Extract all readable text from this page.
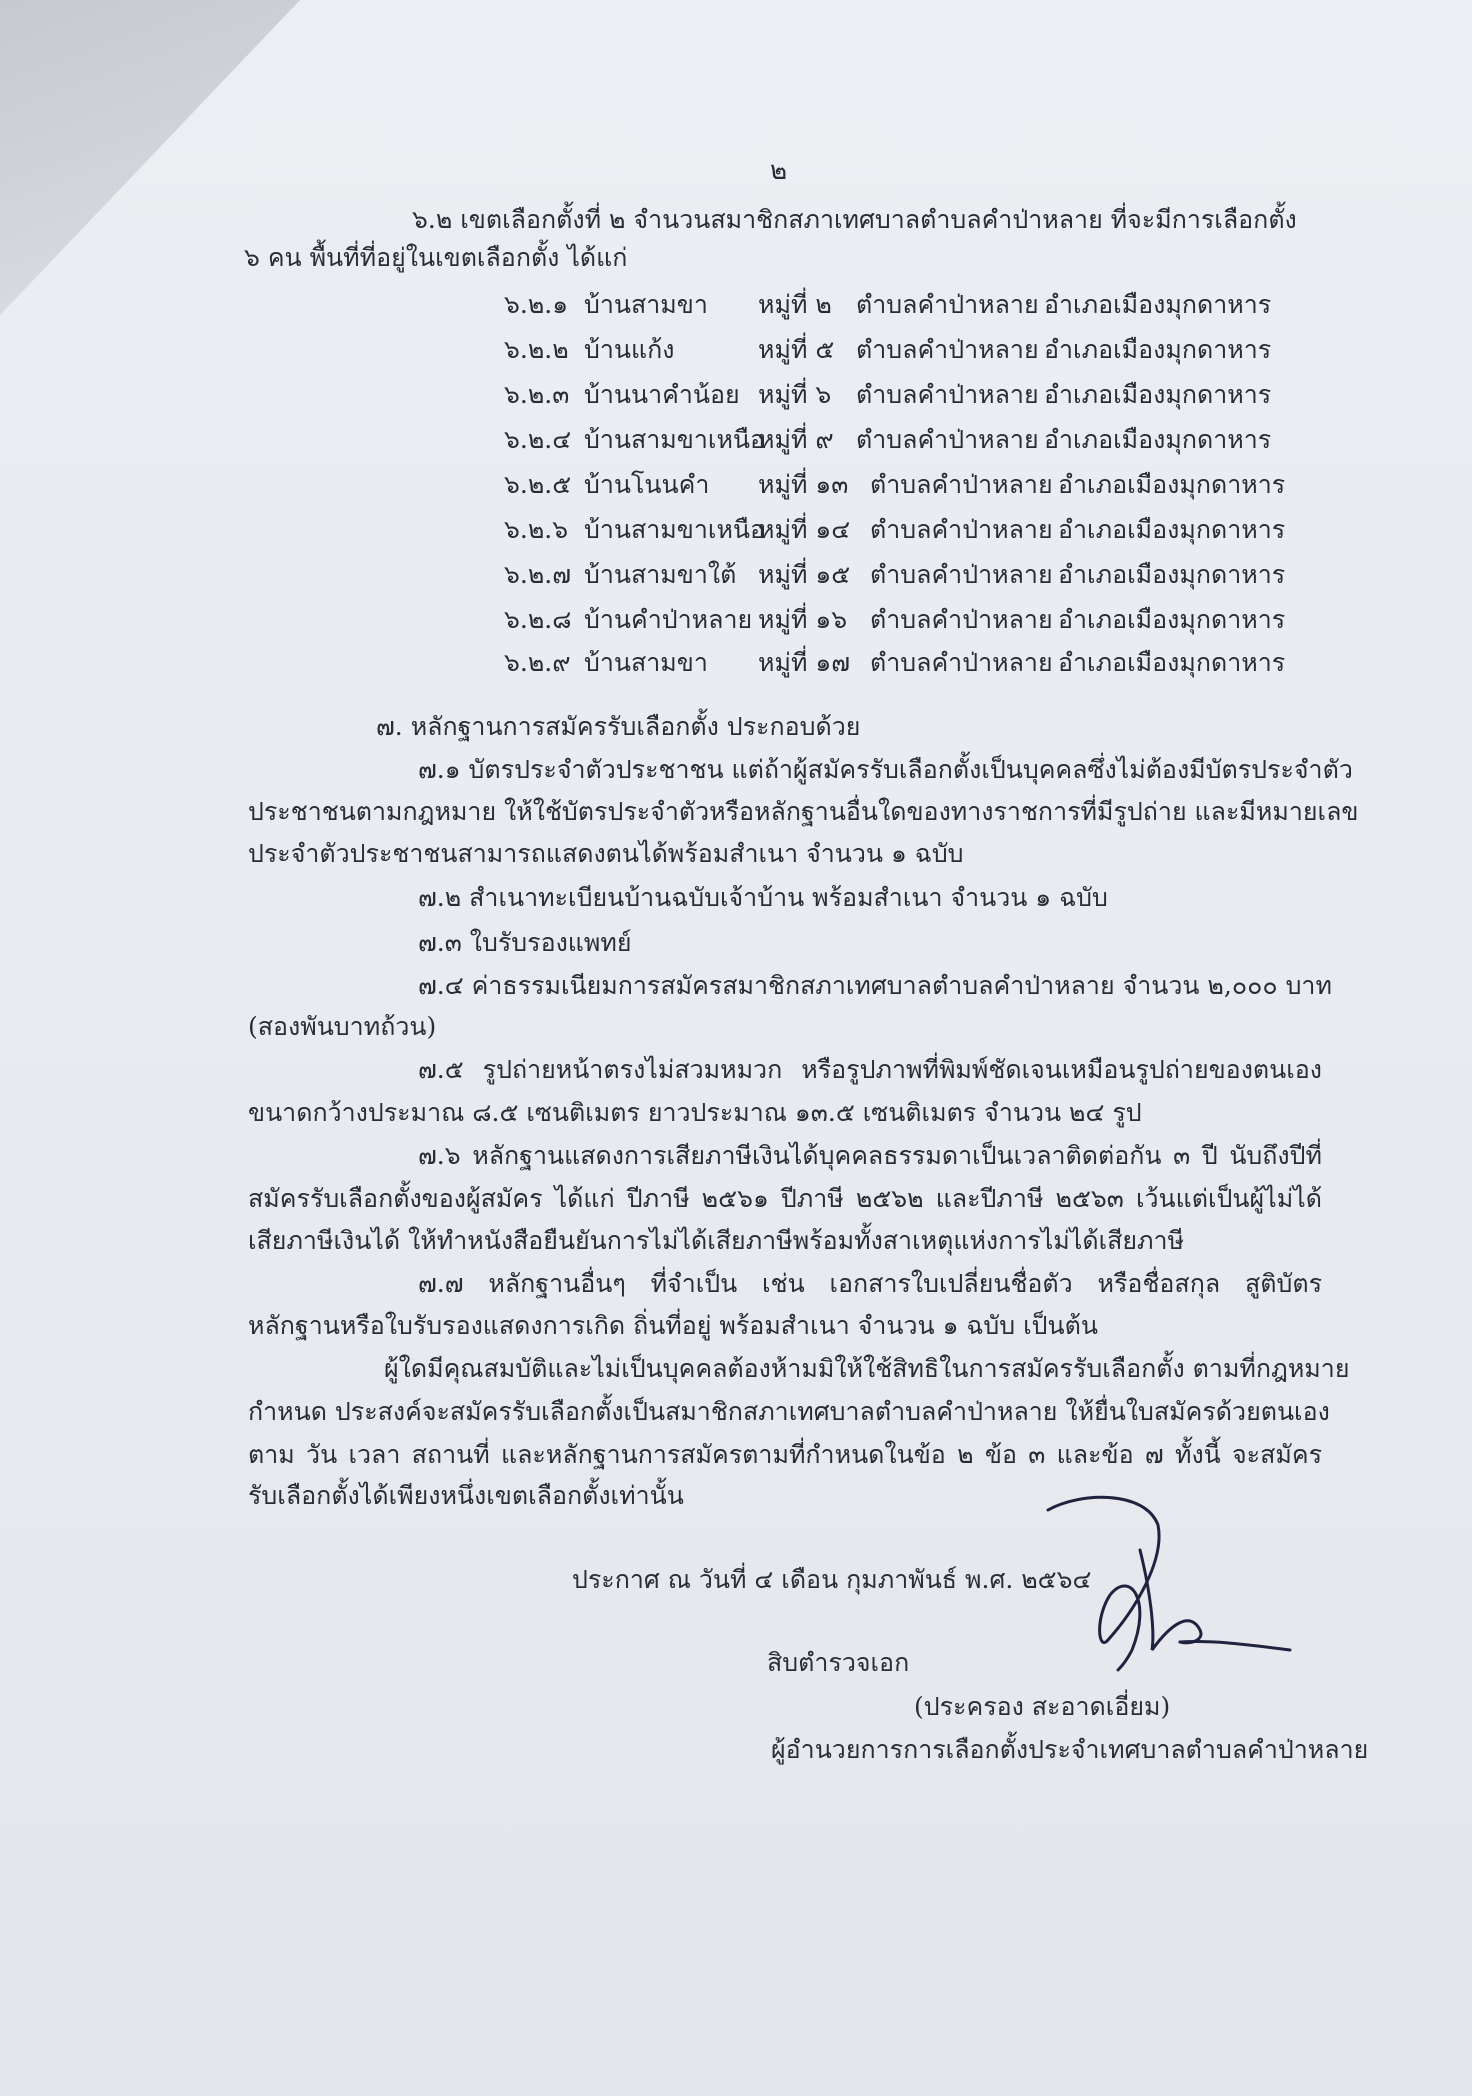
๒
๖.๒ เขตเลือกตั้งที่ ๒ จำนวนสมาชิกสภาเทศบาลตำบลคำป่าหลาย ที่จะมีการเลือกตั้ง
๖ คน พื้นที่ที่อยู่ในเขตเลือกตั้ง ได้แก่
๖.๒.๑ บ้านสามขา หมู่ที่ ๒ ตำบลคำป่าหลาย อำเภอเมืองมุกดาหาร
๖.๒.๒ บ้านแก้ง	หมู่ที่ ๕ ตำบลคำป่าหลาย อำเภอเมืองมุกดาหาร
๖.๒.๓ บ้านนาคำน้อย หมู่ที่ ๖ ตำบลคำป่าหลาย อำเภอเมืองมุกดาหาร
๖.๒.๔ บ้านสามขาเหนือ
หมู่ที่ ๙ ตำบลคำป่าหลาย อำเภอเมืองมุกดาหาร
๖.๒.๕ บ้านโนนคำ หมู่ที่ ๑๓ ตำบลคำป่าหลาย อำเภอเมืองมุกดาหาร
๖.๒.๖ บ้านสามขาเหนือ
หมู่ที่ ๑๔ ตำบลคำป่าหลาย อำเภอเมืองมุกดาหาร
๖.๒.๗ บ้านสามขาใต้ หมู่ที่ ๑๕ ตำบลคำป่าหลาย อำเภอเมืองมุกดาหาร
๖.๒.๘ บ้านคำป่าหลาย หมู่ที่ ๑๖ ตำบลคำป่าหลาย อำเภอเมืองมุกดาหาร
๖.๒.๙ บ้านสามขา หมู่ที่ ๑๗ ตำบลคำป่าหลาย อำเภอเมืองมุกดาหาร
๗. หลักฐานการสมัครรับเลือกตั้ง ประกอบด้วย
๗.๑ บัตรประจำตัวประชาชน แต่ถ้าผู้สมัครรับเลือกตั้งเป็นบุคคลซึ่งไม่ต้องมีบัตรประจำตัว
ประชาชนตามกฎหมาย ให้ใช้บัตรประจำตัวหรือหลักฐานอื่นใดของทางราชการที่มีรูปถ่าย และมีหมายเลข
ประจำตัวประชาชนสามารถแสดงตนได้พร้อมสำเนา จำนวน ๑ ฉบับ
๗.๒ สำเนาทะเบียนบ้านฉบับเจ้าบ้าน พร้อมสำเนา จำนวน ๑ ฉบับ
๗.๓ ใบรับรองแพทย์
๗.๔ ค่าธรรมเนียมการสมัครสมาชิกสภาเทศบาลตำบลคำป่าหลาย จำนวน ๒,๐๐๐ บาท
(สองพันบาทถ้วน)
๗.๕ รูปถ่ายหน้าตรงไม่สวมหมวก หรือรูปภาพที่พิมพ์ชัดเจนเหมือนรูปถ่ายของตนเอง
ขนาดกว้างประมาณ ๘.๕ เซนติเมตร ยาวประมาณ ๑๓.๕ เซนติเมตร จำนวน ๒๔ รูป
๗.๖ หลักฐานแสดงการเสียภาษีเงินได้บุคคลธรรมดาเป็นเวลาติดต่อกัน ๓ ปี นับถึงปีที่
สมัครรับเลือกตั้งของผู้สมัคร ได้แก่ ปีภาษี ๒๕๖๑ ปีภาษี ๒๕๖๒ และปีภาษี ๒๕๖๓ เว้นแต่เป็นผู้ไม่ได้
เสียภาษีเงินได้ ให้ทำหนังสือยืนยันการไม่ได้เสียภาษีพร้อมทั้งสาเหตุแห่งการไม่ได้เสียภาษี
๗.๗ หลักฐานอื่นๆ ที่จำเป็น เช่น เอกสารใบเปลี่ยนชื่อตัว หรือชื่อสกุล สูติบัตร
หลักฐานหรือใบรับรองแสดงการเกิด ถิ่นที่อยู่ พร้อมสำเนา จำนวน ๑ ฉบับ เป็นต้น
ผู้ใดมีคุณสมบัติและไม่เป็นบุคคลต้องห้ามมิให้ใช้สิทธิในการสมัครรับเลือกตั้ง ตามที่กฎหมาย
กำหนด ประสงค์จะสมัครรับเลือกตั้งเป็นสมาชิกสภาเทศบาลตำบลคำป่าหลาย ให้ยื่นใบสมัครด้วยตนเอง
ตาม วัน เวลา สถานที่ และหลักฐานการสมัครตามที่กำหนดในข้อ ๒ ข้อ ๓ และข้อ ๗ ทั้งนี้ จะสมัคร
รับเลือกตั้งได้เพียงหนึ่งเขตเลือกตั้งเท่านั้น
ประกาศ ณ วันที่ ๔ เดือน กุมภาพันธ์ พ.ศ. ๒๕๖๔
สิบตำรวจเอก
(ประครอง สะอาดเอี่ยม)
ผู้อำนวยการการเลือกตั้งประจำเทศบาลตำบลคำป่าหลาย
